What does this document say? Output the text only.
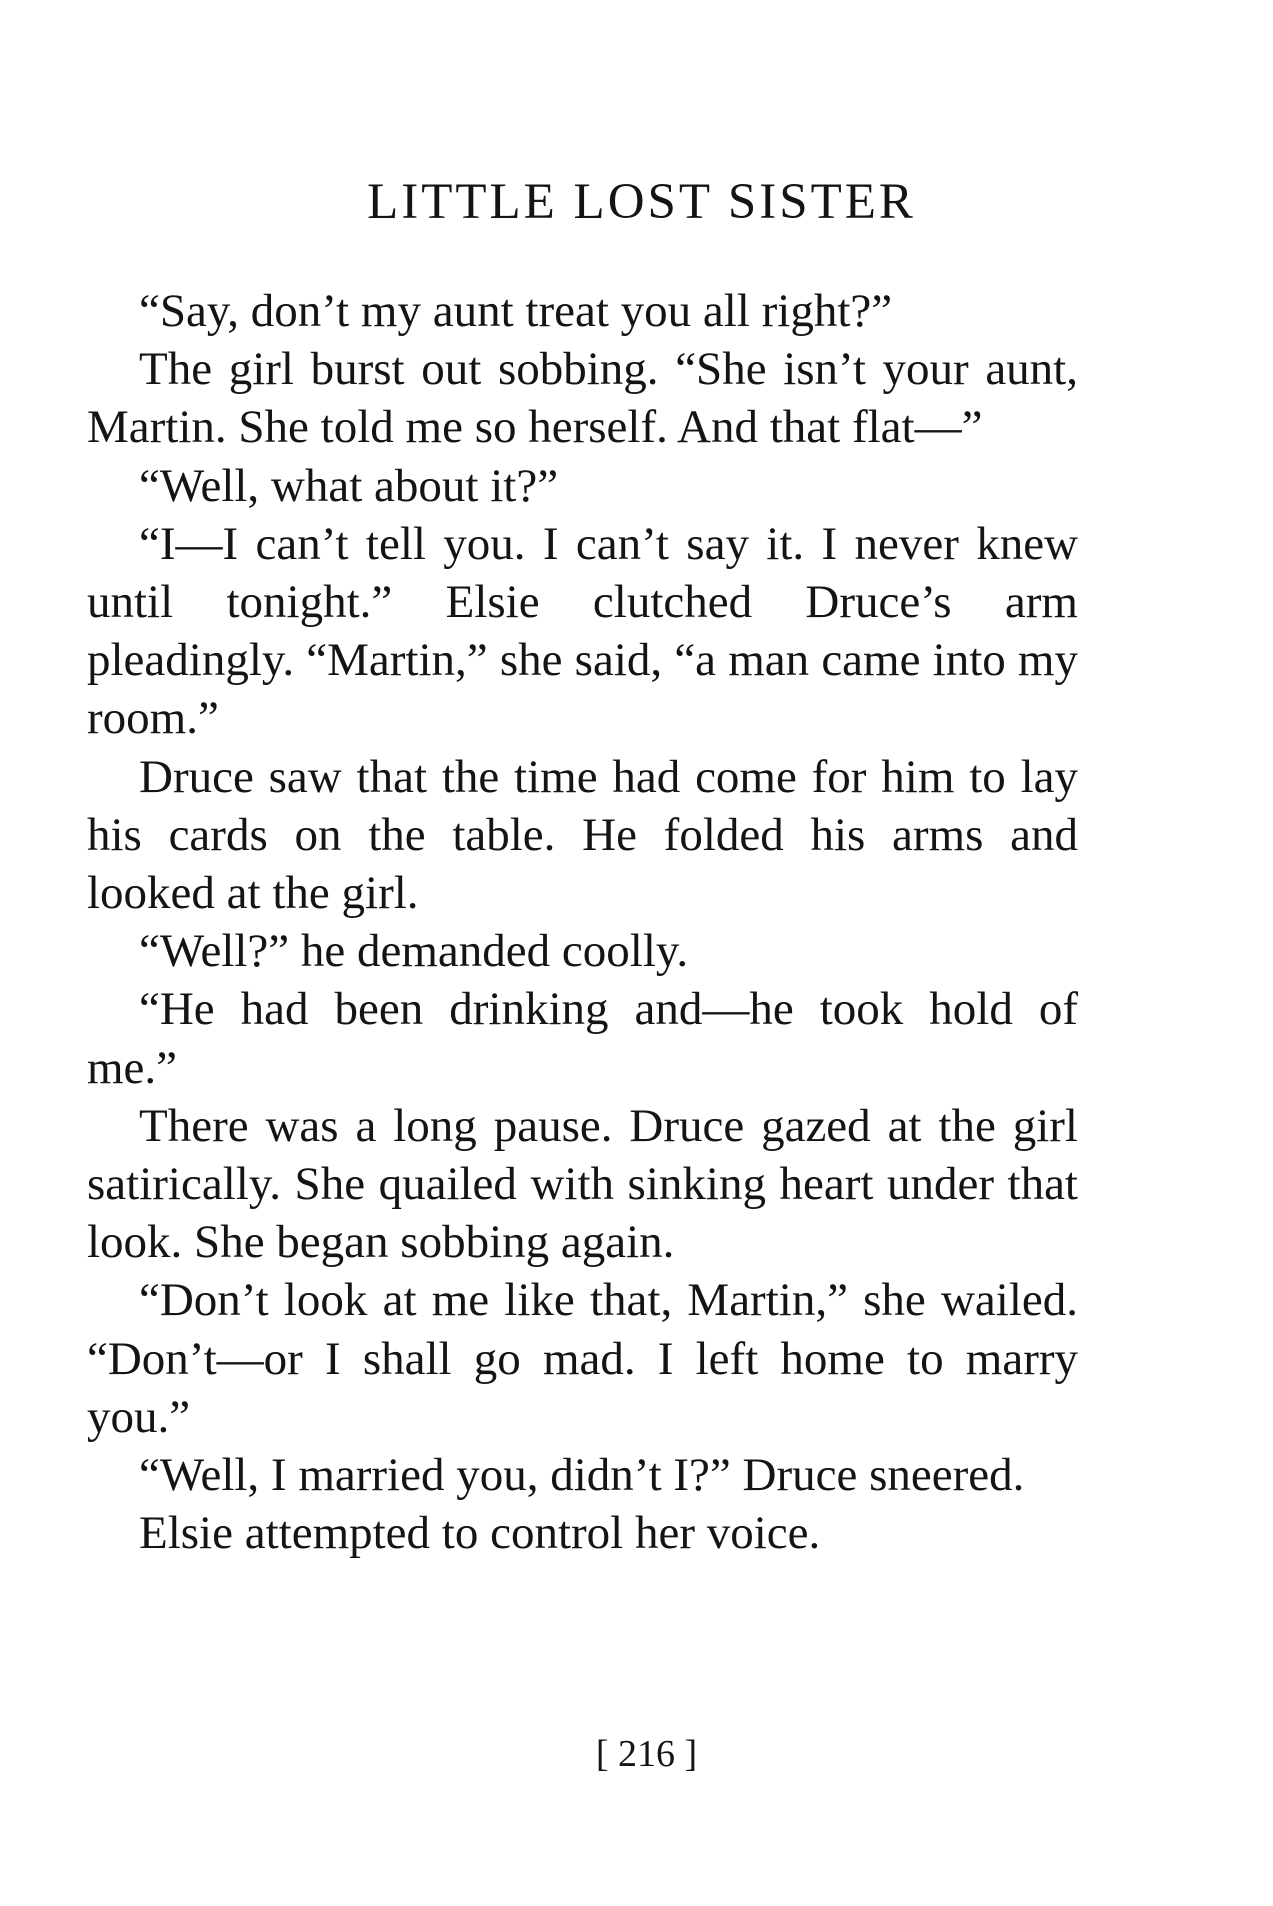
LITTLE LOST SISTER

“Say, don’t my aunt treat you all right?”

The girl burst out sobbing. “She isn’t your aunt, Martin. She told me so herself. And that flat—”

“Well, what about it?”

“I—I can’t tell you. I can’t say it. I never knew until tonight.” Elsie clutched Druce’s arm pleadingly. “Martin,” she said, “a man came into my room.”

Druce saw that the time had come for him to lay his cards on the table. He folded his arms and looked at the girl.

“Well?” he demanded coolly.

“He had been drinking and—he took hold of me.”

There was a long pause. Druce gazed at the girl satirically. She quailed with sinking heart under that look. She began sobbing again.

“Don’t look at me like that, Martin,” she wailed. “Don’t—or I shall go mad. I left home to marry you.”

“Well, I married you, didn’t I?” Druce sneered.

Elsie attempted to control her voice.

[ 216 ]
